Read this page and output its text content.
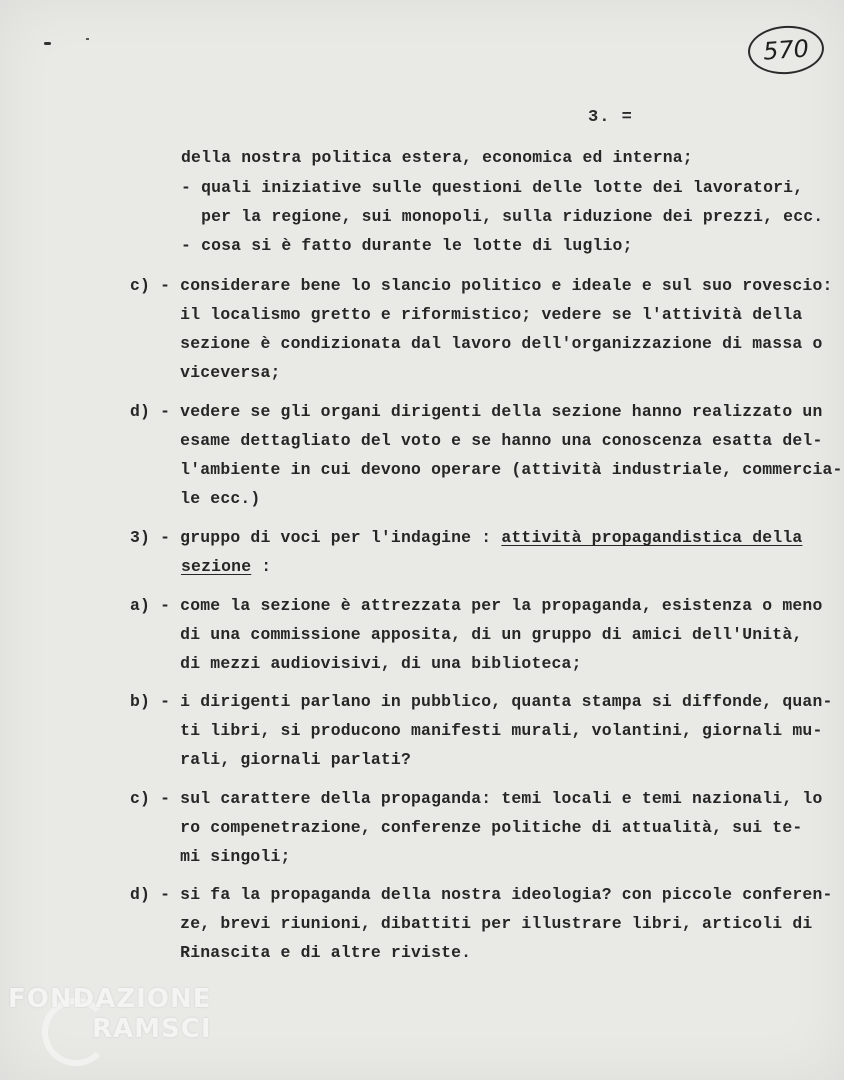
570
3. =
della nostra politica estera, economica ed interna;
- quali iniziative sulle questioni delle lotte dei lavoratori,
per la regione, sui monopoli, sulla riduzione dei prezzi, ecc.
- cosa si è fatto durante le lotte di luglio;
c) - considerare bene lo slancio politico e ideale e sul suo rovescio:
il localismo gretto e riformistico; vedere se l'attività della
sezione è condizionata dal lavoro dell'organizzazione di massa o
viceversa;
d) - vedere se gli organi dirigenti della sezione hanno realizzato un
esame dettagliato del voto e se hanno una conoscenza esatta del-
l'ambiente in cui devono operare (attività industriale, commercia-
le ecc.)
3) - gruppo di voci per l'indagine : attività propagandistica della
sezione :
a) - come la sezione è attrezzata per la propaganda, esistenza o meno
di una commissione apposita, di un gruppo di amici dell'Unità,
di mezzi audiovisivi, di una biblioteca;
b) - i dirigenti parlano in pubblico, quanta stampa si diffonde, quan-
ti libri, si producono manifesti murali, volantini, giornali mu-
rali, giornali parlati?
c) - sul carattere della propaganda: temi locali e temi nazionali, lo
ro compenetrazione, conferenze politiche di attualità, sui te-
mi singoli;
d) - si fa la propaganda della nostra ideologia? con piccole conferen-
ze, brevi riunioni, dibattiti per illustrare libri, articoli di
Rinascita e di altre riviste.
FONDAZIONE
RAMSCI
